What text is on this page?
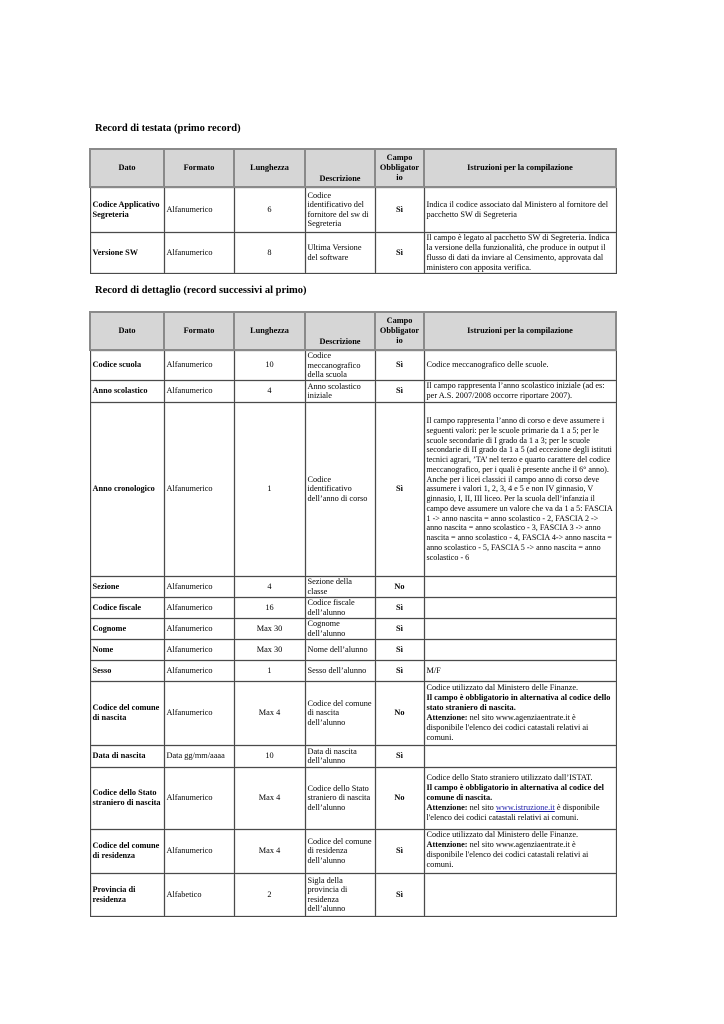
Record di testata (primo record)
Dato	Formato	Lunghezza	Descrizione	Campo Obbligator io	Istruzioni per la compilazione
Codice Applicativo Segreteria	Alfanumerico	6	Codice identificativo del fornitore del sw di Segreteria	Sì	Indica il codice associato dal Ministero al fornitore del pacchetto SW di Segreteria
Versione SW	Alfanumerico	8	Ultima Versione del software	Sì	Il campo è legato al pacchetto SW di Segreteria. Indica la versione della funzionalità, che produce in output il flusso di dati da inviare al Censimento, approvata dal ministero con apposita verifica.
Record di dettaglio (record successivi al primo)
Dato	Formato	Lunghezza	Descrizione	Campo Obbligator io	Istruzioni per la compilazione
Codice scuola	Alfanumerico	10	Codice meccanografico della scuola	Sì	Codice meccanografico delle scuole.
Anno scolastico	Alfanumerico	4	Anno scolastico iniziale	Sì	Il campo rappresenta l’anno scolastico iniziale (ad es: per A.S. 2007/2008 occorre riportare 2007).
Anno cronologico	Alfanumerico	1	Codice identificativo dell’anno di corso	Sì	Il campo rappresenta l’anno di corso e deve assumere i seguenti valori: per le scuole primarie da 1 a 5; per le scuole secondarie di I grado da 1 a 3; per le scuole secondarie di II grado da 1 a 5 (ad eccezione degli istituti tecnici agrari, ’TA’ nel terzo e quarto carattere del codice meccanografico, per i quali è presente anche il 6° anno). Anche per i licei classici il campo anno di corso deve assumere i valori 1, 2, 3, 4 e 5 e non IV ginnasio, V ginnasio, I, II, III liceo. Per la scuola dell’infanzia il campo deve assumere un valore che va da 1 a 5: FASCIA 1 -> anno nascita = anno scolastico - 2, FASCIA 2 -> anno nascita = anno scolastico - 3, FASCIA 3 -> anno nascita = anno scolastico - 4, FASCIA 4-> anno nascita = anno scolastico - 5, FASCIA 5 -> anno nascita = anno scolastico - 6
Sezione	Alfanumerico	4	Sezione della classe	No	
Codice fiscale	Alfanumerico	16	Codice fiscale dell’alunno	Sì	
Cognome	Alfanumerico	Max 30	Cognome dell’alunno	Sì	
Nome	Alfanumerico	Max 30	Nome dell’alunno	Sì	
Sesso	Alfanumerico	1	Sesso dell’alunno	Sì	M/F
Codice del comune di nascita	Alfanumerico	Max 4	Codice del comune di nascita dell’alunno	No	Codice utilizzato dal Ministero delle Finanze.
Il campo è obbligatorio in alternativa al codice dello stato straniero di nascita.
Attenzione: nel sito www.agenziaentrate.it è disponibile l'elenco dei codici catastali relativi ai comuni.
Data di nascita	Data gg/mm/aaaa	10	Data di nascita dell’alunno	Sì	
Codice dello Stato straniero di nascita	Alfanumerico	Max 4	Codice dello Stato straniero di nascita dell’alunno	No	Codice dello Stato straniero utilizzato dall’ISTAT.
Il campo è obbligatorio in alternativa al codice del comune di nascita.
Attenzione: nel sito www.istruzione.it è disponibile l'elenco dei codici catastali relativi ai comuni.
Codice del comune di residenza	Alfanumerico	Max 4	Codice del comune di residenza dell’alunno	Sì	Codice utilizzato dal Ministero delle Finanze.
Attenzione: nel sito www.agenziaentrate.it è disponibile l'elenco dei codici catastali relativi ai comuni.
Provincia di residenza	Alfabetico	2	Sigla della provincia di residenza dell’alunno	Sì	
